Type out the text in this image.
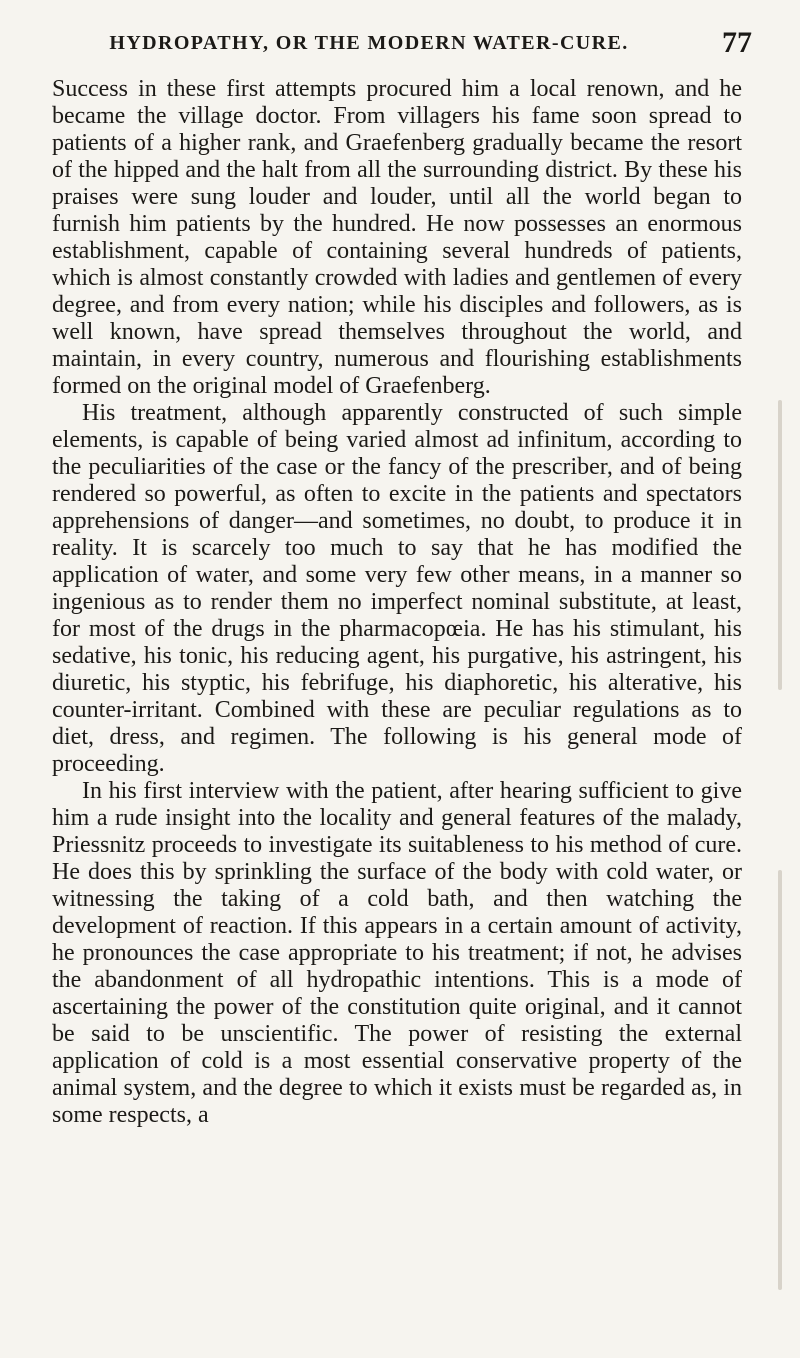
HYDROPATHY, OR THE MODERN WATER-CURE.	77

Success in these first attempts procured him a local renown, and he became the village doctor. From villagers his fame soon spread to patients of a higher rank, and Graefenberg gradually became the resort of the hipped and the halt from all the surrounding district. By these his praises were sung louder and louder, until all the world began to furnish him patients by the hundred. He now possesses an enormous establishment, capable of containing several hundreds of patients, which is almost constantly crowded with ladies and gentlemen of every degree, and from every nation; while his disciples and followers, as is well known, have spread themselves throughout the world, and maintain, in every country, numerous and flourishing establishments formed on the original model of Graefenberg.

His treatment, although apparently constructed of such simple elements, is capable of being varied almost ad infinitum, according to the peculiarities of the case or the fancy of the prescriber, and of being rendered so powerful, as often to excite in the patients and spectators apprehensions of danger—and sometimes, no doubt, to produce it in reality. It is scarcely too much to say that he has modified the application of water, and some very few other means, in a manner so ingenious as to render them no imperfect nominal substitute, at least, for most of the drugs in the pharmacopœia. He has his stimulant, his sedative, his tonic, his reducing agent, his purgative, his astringent, his diuretic, his styptic, his febrifuge, his diaphoretic, his alterative, his counter-irritant. Combined with these are peculiar regulations as to diet, dress, and regimen. The following is his general mode of proceeding.

In his first interview with the patient, after hearing sufficient to give him a rude insight into the locality and general features of the malady, Priessnitz proceeds to investigate its suitableness to his method of cure. He does this by sprinkling the surface of the body with cold water, or witnessing the taking of a cold bath, and then watching the development of reaction. If this appears in a certain amount of activity, he pronounces the case appropriate to his treatment; if not, he advises the abandonment of all hydropathic intentions. This is a mode of ascertaining the power of the constitution quite original, and it cannot be said to be unscientific. The power of resisting the external application of cold is a most essential conservative property of the animal system, and the degree to which it exists must be regarded as, in some respects, a
